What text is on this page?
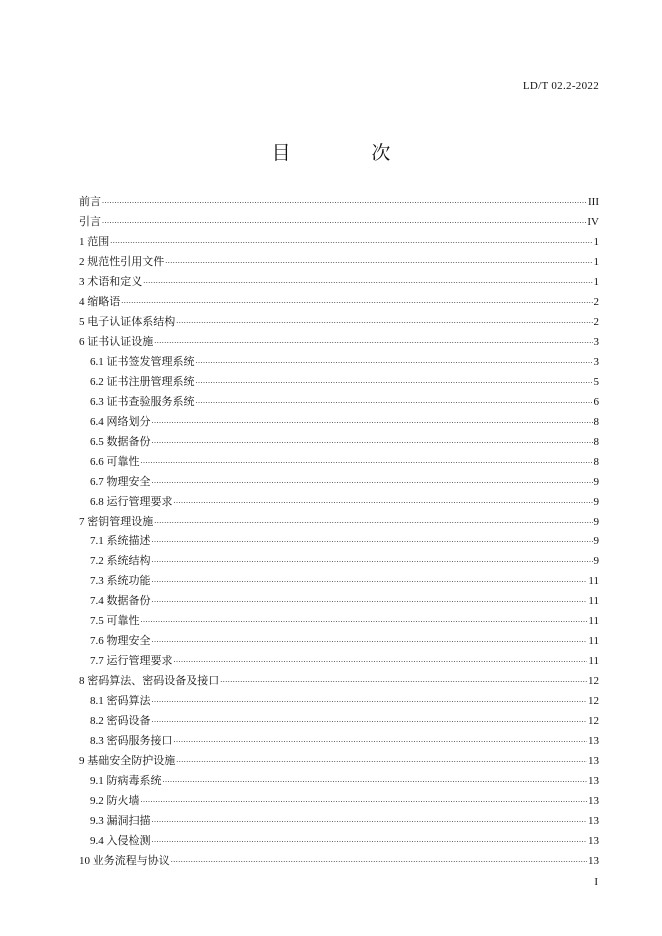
LD/T 02.2-2022
目 次
前言 .....	III
引言 .....	IV
1 范围 .....	1
2 规范性引用文件 .....	1
3 术语和定义 .....	1
4 缩略语 .....	2
5 电子认证体系结构 .....	2
6 证书认证设施 .....	3
6.1 证书签发管理系统 .....	3
6.2 证书注册管理系统 .....	5
6.3 证书查验服务系统 .....	6
6.4 网络划分 .....	8
6.5 数据备份 .....	8
6.6 可靠性 .....	8
6.7 物理安全 .....	9
6.8 运行管理要求 .....	9
7 密钥管理设施 .....	9
7.1 系统描述 .....	9
7.2 系统结构 .....	9
7.3 系统功能 .....	11
7.4 数据备份 .....	11
7.5 可靠性 .....	11
7.6 物理安全 .....	11
7.7 运行管理要求 .....	11
8 密码算法、密码设备及接口 .....	12
8.1 密码算法 .....	12
8.2 密码设备 .....	12
8.3 密码服务接口 .....	13
9 基础安全防护设施 .....	13
9.1 防病毒系统 .....	13
9.2 防火墙 .....	13
9.3 漏洞扫描 .....	13
9.4 入侵检测 .....	13
10 业务流程与协议 .....	13
I
